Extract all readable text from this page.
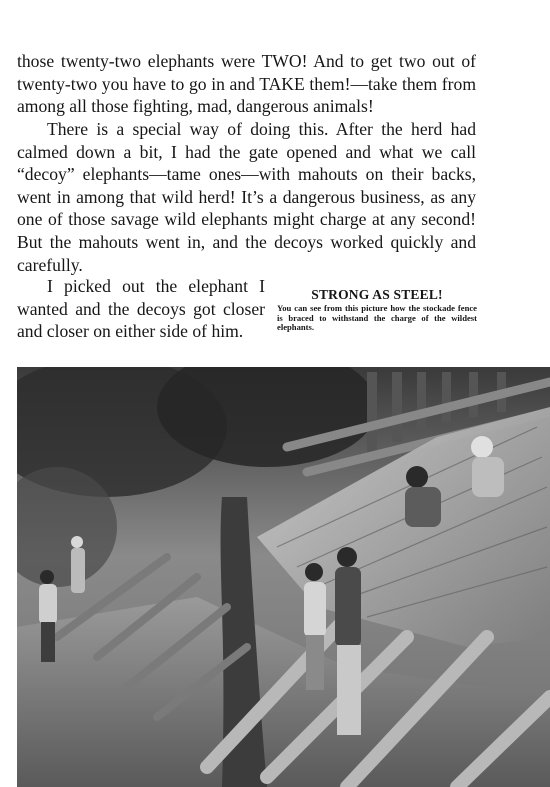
those twenty-two elephants were TWO! And to get two out of twenty-two you have to go in and TAKE them!—take them from among all those fighting, mad, dangerous animals!

There is a special way of doing this. After the herd had calmed down a bit, I had the gate opened and what we call “decoy” elephants—tame ones—with mahouts on their backs, went in among that wild herd! It’s a dangerous business, as any one of those savage wild elephants might charge at any second! But the mahouts went in, and the decoys worked quickly and carefully.

I picked out the elephant I wanted and the decoys got closer and closer on either side of him.

STRONG AS STEEL!
You can see from this picture how the stockade fence is braced to withstand the charge of the wildest elephants.
